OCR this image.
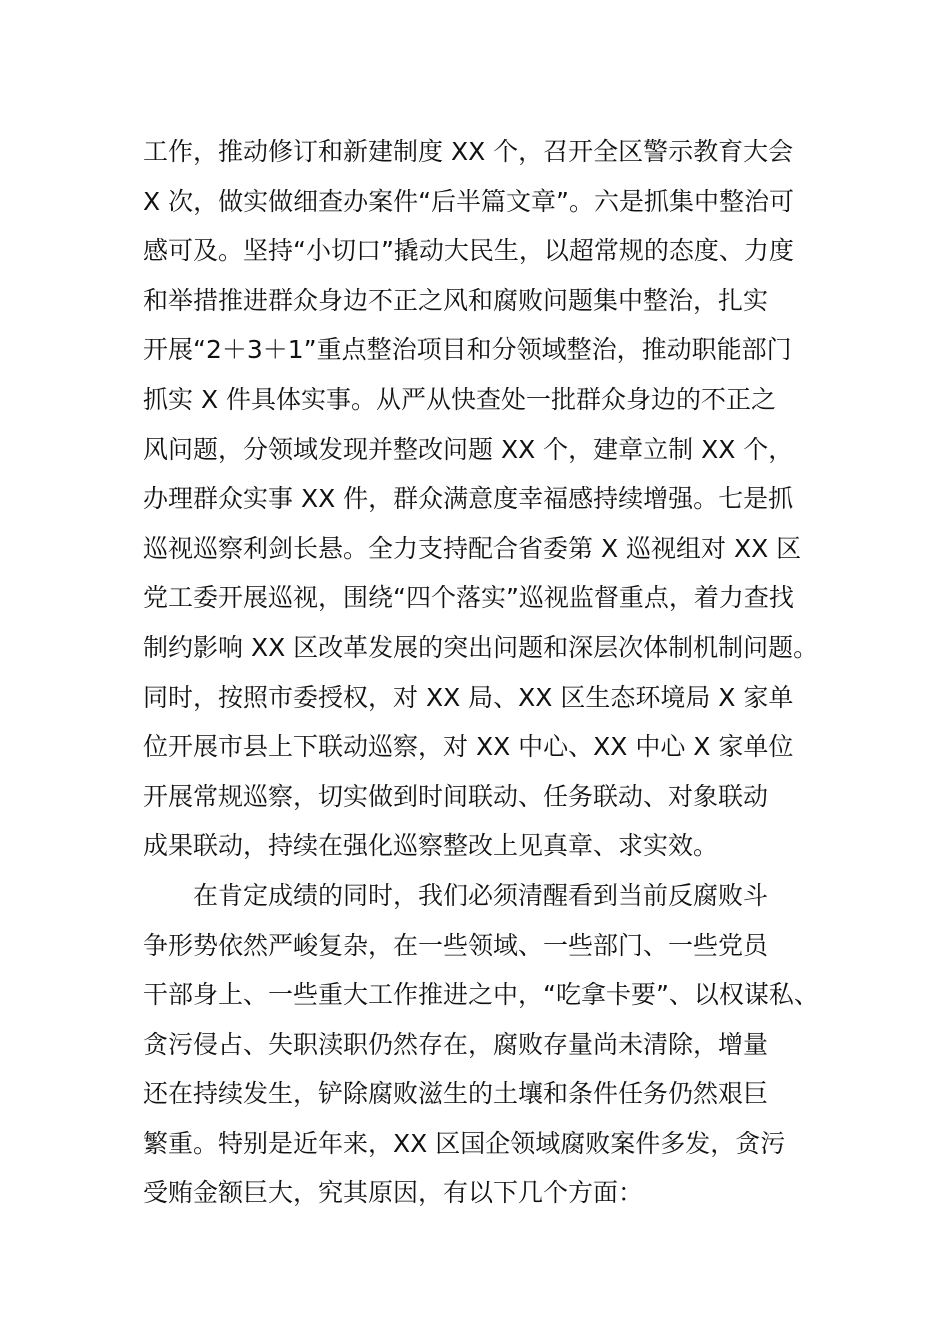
工作，推动修订和新建制度 XX 个，召开全区警示教育大会
X 次，做实做细查办案件“后半篇文章”。六是抓集中整治可
感可及。坚持“小切口”撬动大民生，以超常规的态度、力度
和举措推进群众身边不正之风和腐败问题集中整治，扎实
开展“2＋3＋1”重点整治项目和分领域整治，推动职能部门
抓实 X 件具体实事。从严从快查处一批群众身边的不正之
风问题，分领域发现并整改问题 XX 个，建章立制 XX 个，
办理群众实事 XX 件，群众满意度幸福感持续增强。七是抓
巡视巡察利剑长悬。全力支持配合省委第 X 巡视组对 XX 区
党工委开展巡视，围绕“四个落实”巡视监督重点，着力查找
制约影响 XX 区改革发展的突出问题和深层次体制机制问题。
同时，按照市委授权，对 XX 局、XX 区生态环境局 X 家单
位开展市县上下联动巡察，对 XX 中心、XX 中心 X 家单位
开展常规巡察，切实做到时间联动、任务联动、对象联动
成果联动，持续在强化巡察整改上见真章、求实效。
在肯定成绩的同时，我们必须清醒看到当前反腐败斗
争形势依然严峻复杂，在一些领域、一些部门、一些党员
干部身上、一些重大工作推进之中，“吃拿卡要”、以权谋私、
贪污侵占、失职渎职仍然存在，腐败存量尚未清除，增量
还在持续发生，铲除腐败滋生的土壤和条件任务仍然艰巨
繁重。特别是近年来，XX 区国企领域腐败案件多发，贪污
受贿金额巨大，究其原因，有以下几个方面：
